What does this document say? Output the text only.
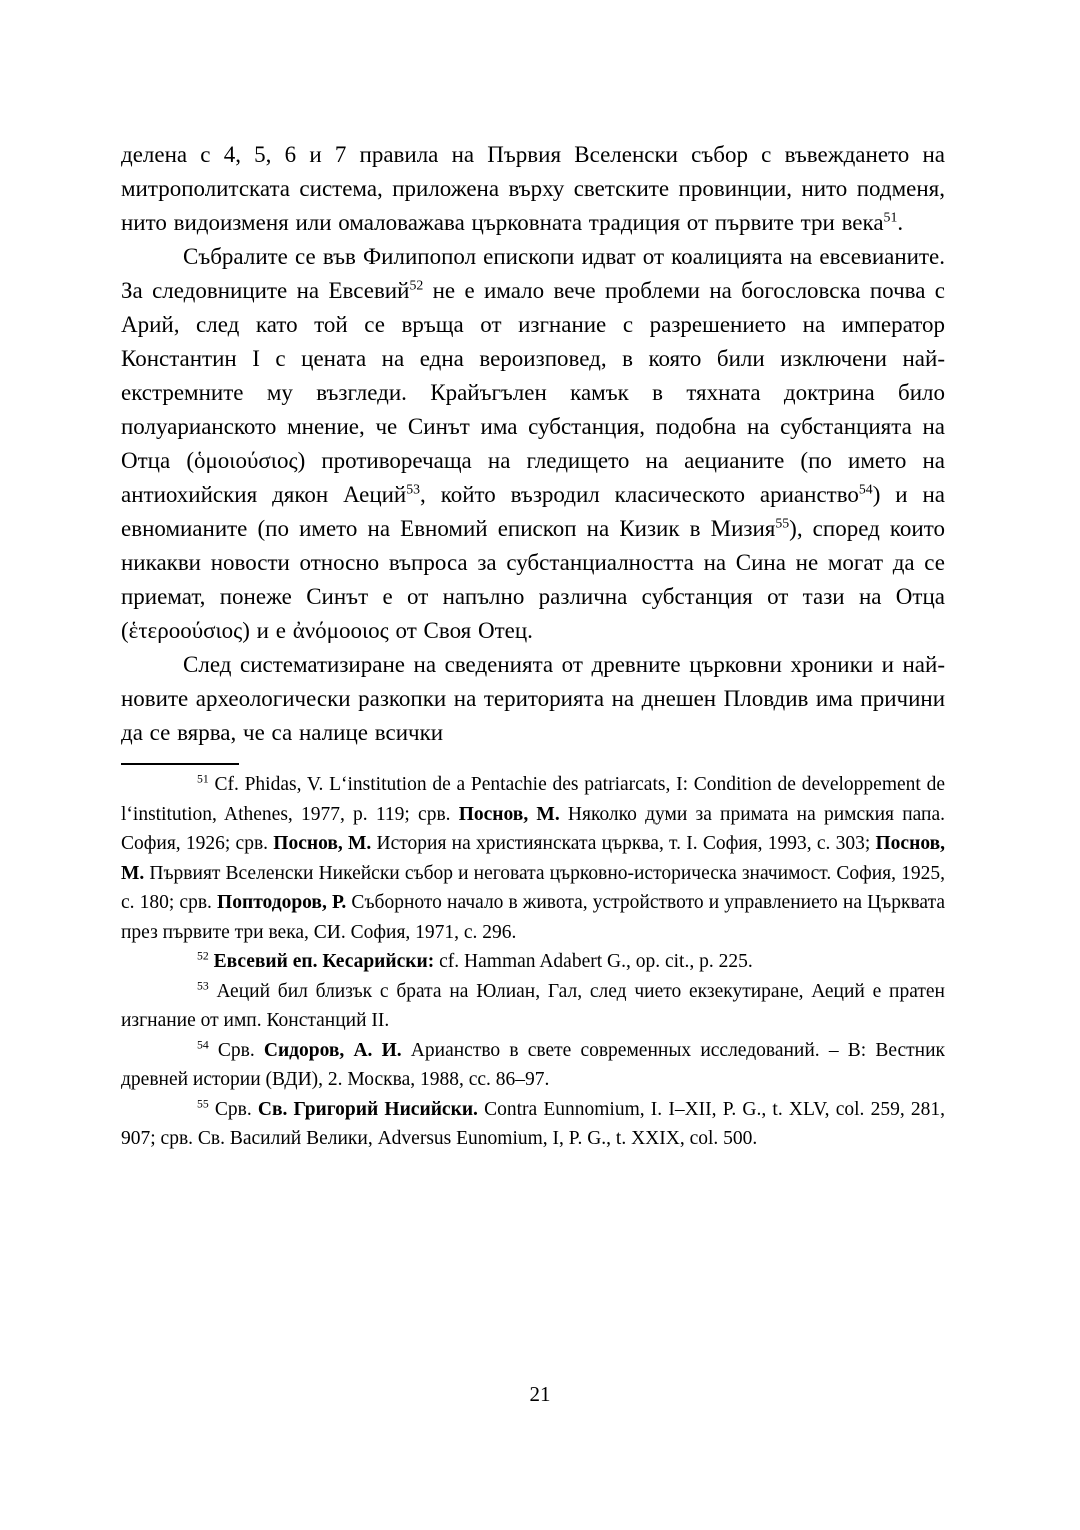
делена с 4, 5, 6 и 7 правила на Първия Вселенски събор с въвеждането на митрополитската система, приложена върху светските провинции, нито подменя, нито видоизменя или омаловажава църковната традиция от първите три века$^{51}$.

Събралите се във Филипопол епископи идват от коалицията на евсевианите. За следовниците на Евсевий$^{52}$ не е имало вече проблеми на богословска почва с Арий, след като той се връща от изгнание с разрешението на император Константин I с цената на една вероизповед, в която били изключени най-екстремните му възгледи. Крайъгълен камък в тяхната доктрина било полуарианското мнение, че Синът има субстанция, подобна на субстанцията на Отца (ὁμοιούσιος) противоречаща на гледището на аецианите (по името на антиохийския дякон Аеций$^{53}$, който възродил класическото арианство$^{54}$) и на евномианите (по името на Евномий епископ на Кизик в Мизия$^{55}$), според които никакви новости относно въпроса за субстанциалността на Сина не могат да се приемат, понеже Синът е от напълно различна субстанция от тази на Отца (ἑτεροούσιος) и е ἀνόμοοιος от Своя Отец.

След систематизиране на сведенията от древните църковни хроники и най-новите археологически разкопки на територията на днешен Пловдив има причини да се вярва, че са налице всички

$^{51}$ Cf. Phidas, V. L‘institution de a Pentachie des patriarcats, I: Condition de developpement de l‘institution, Athenes, 1977, p. 119; срв. Поснов, М. Няколко думи за примата на римския папа. София, 1926; срв. Поснов, М. История на християнската църква, т. I. София, 1993, с. 303; Поснов, М. Първият Вселенски Никейски събор и неговата църковно-историческа значимост. София, 1925, с. 180; срв. Поптодоров, Р. Съборното начало в живота, устройството и управлението на Църквата през първите три века, СИ. София, 1971, с. 296.

$^{52}$ Евсевий еп. Кесарийски: cf. Hamman Adabert G., op. cit., p. 225.

$^{53}$ Аеций бил близък с брата на Юлиан, Гал, след чието екзекутиране, Аеций е пратен изгнание от имп. Констанций II.

$^{54}$ Срв. Сидоров, А. И. Арианство в свете современных исследований. – В: Вестник древней истории (ВДИ), 2. Москва, 1988, сс. 86–97.

$^{55}$ Срв. Св. Григорий Нисийски. Contra Eunnomium, I. I–XII, P. G., t. XLV, col. 259, 281, 907; срв. Св. Василий Велики, Adversus Eunomium, I, P. G., t. XXIX, col. 500.

21
